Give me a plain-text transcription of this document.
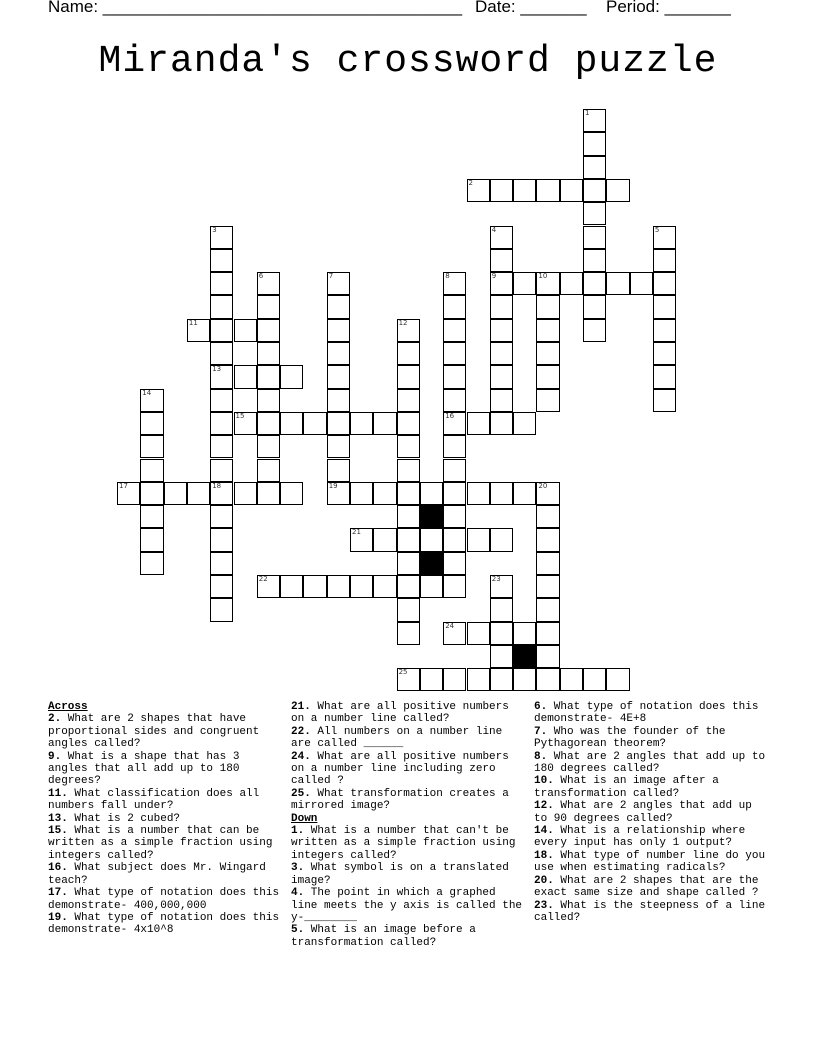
Name: ______________________________________ Date: _______ Period: _______
Miranda's crossword puzzle
2
9	10
11
13
15	16
17	18	19	20
21
22
24
25
1
3	4	5
6	7	8
12
14
23
Across
2. What are 2 shapes that have proportional sides and congruent angles called?
9. What is a shape that has 3 angles that all add up to 180 degrees?
11. What classification does all numbers fall under?
13. What is 2 cubed?
15. What is a number that can be written as a simple fraction using integers called?
16. What subject does Mr. Wingard teach?
17. What type of notation does this demonstrate- 400,000,000
19. What type of notation does this demonstrate- 4x10^8
21. What are all positive numbers on a number line called?
22. All numbers on a number line are called ______
24. What are all positive numbers on a number line including zero called ?
25. What transformation creates a mirrored image?
Down
1. What is a number that can't be written as a simple fraction using integers called?
3. What symbol is on a translated image?
4. The point in which a graphed line meets the y axis is called the y-________
5. What is an image before a transformation called?
6. What type of notation does this demonstrate- 4E+8
7. Who was the founder of the Pythagorean theorem?
8. What are 2 angles that add up to 180 degrees called?
10. What is an image after a transformation called?
12. What are 2 angles that add up to 90 degrees called?
14. What is a relationship where every input has only 1 output?
18. What type of number line do you use when estimating radicals?
20. What are 2 shapes that are the exact same size and shape called ?
23. What is the steepness of a line called?
